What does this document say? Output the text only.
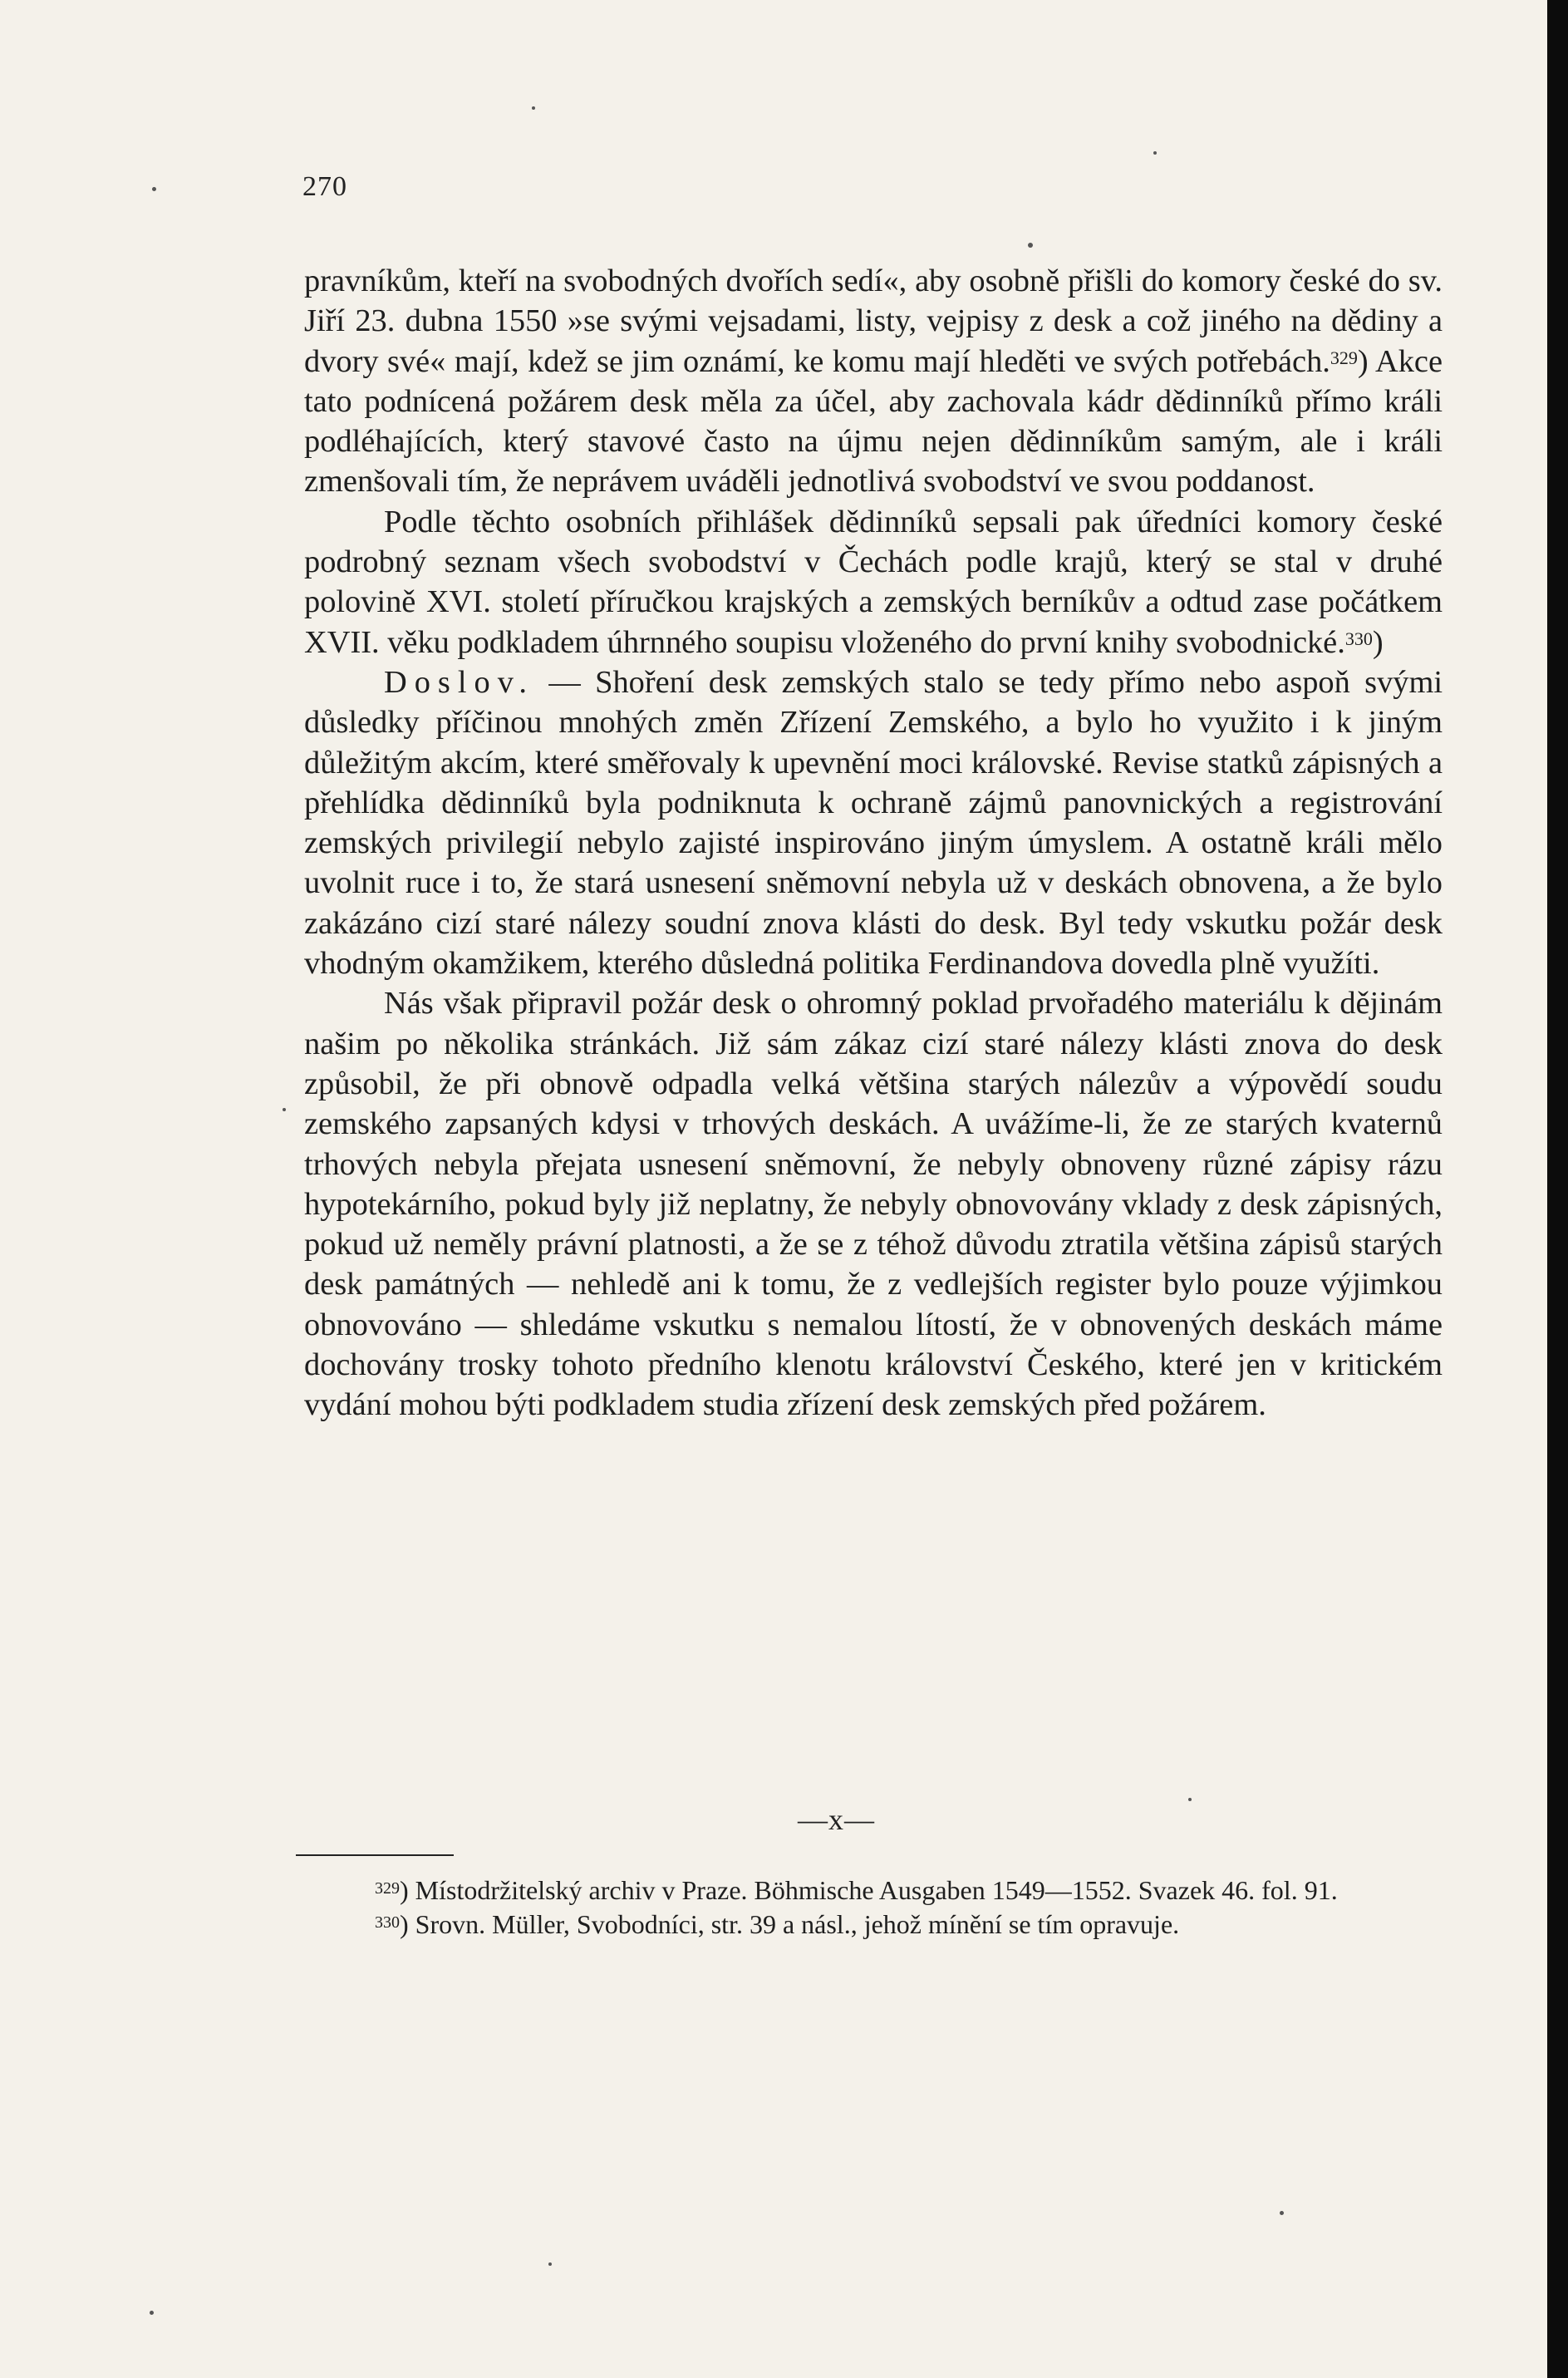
270

pravníkům, kteří na svobodných dvořích sedí«, aby osobně přišli do komory české do sv. Jiří 23. dubna 1550 »se svými vejsadami, listy, vejpisy z desk a což jiného na dědiny a dvory své« mají, kdež se jim oznámí, ke komu mají hleděti ve svých potřebách.$^{329}$) Akce tato podnícená požárem desk měla za účel, aby zachovala kádr dědinníků přímo králi podléhajících, který stavové často na újmu nejen dědinníkům samým, ale i králi zmenšovali tím, že neprávem uváděli jednotlivá svobodství ve svou poddanost.

Podle těchto osobních přihlášek dědinníků sepsali pak úředníci komory české podrobný seznam všech svobodství v Čechách podle krajů, který se stal v druhé polovině XVI. století příručkou krajských a zemských berníkův a odtud zase počátkem XVII. věku podkladem úhrnného soupisu vloženého do první knihy svobodnické.$^{330}$)

Doslov. — Shoření desk zemských stalo se tedy přímo nebo aspoň svými důsledky příčinou mnohých změn Zřízení Zemského, a bylo ho využito i k jiným důležitým akcím, které směřovaly k upevnění moci královské. Revise statků zápisných a přehlídka dědinníků byla podniknuta k ochraně zájmů panovnických a registrování zemských privilegií nebylo zajisté inspirováno jiným úmyslem. A ostatně králi mělo uvolnit ruce i to, že stará usnesení sněmovní nebyla už v deskách obnovena, a že bylo zakázáno cizí staré nálezy soudní znova klásti do desk. Byl tedy vskutku požár desk vhodným okamžikem, kterého důsledná politika Ferdinandova dovedla plně využíti.

Nás však připravil požár desk o ohromný poklad prvořadého materiálu k dějinám našim po několika stránkách. Již sám zákaz cizí staré nálezy klásti znova do desk způsobil, že při obnově odpadla velká většina starých nálezův a výpovědí soudu zemského zapsaných kdysi v trhových deskách. A uvážíme-li, že ze starých kvaternů trhových nebyla přejata usnesení sněmovní, že nebyly obnoveny různé zápisy rázu hypotekárního, pokud byly již neplatny, že nebyly obnovovány vklady z desk zápisných, pokud už neměly právní platnosti, a že se z téhož důvodu ztratila většina zápisů starých desk památných — nehledě ani k tomu, že z vedlejších register bylo pouze výjimkou obnovováno — shledáme vskutku s nemalou lítostí, že v obnovených deskách máme dochovány trosky tohoto předního klenotu království Českého, které jen v kritickém vydání mohou býti podkladem studia zřízení desk zemských před požárem.

—x—

$^{329}$) Místodržitelský archiv v Praze. Böhmische Ausgaben 1549—1552. Svazek 46. fol. 91.

$^{330}$) Srovn. Müller, Svobodníci, str. 39 a násl., jehož mínění se tím opravuje.
